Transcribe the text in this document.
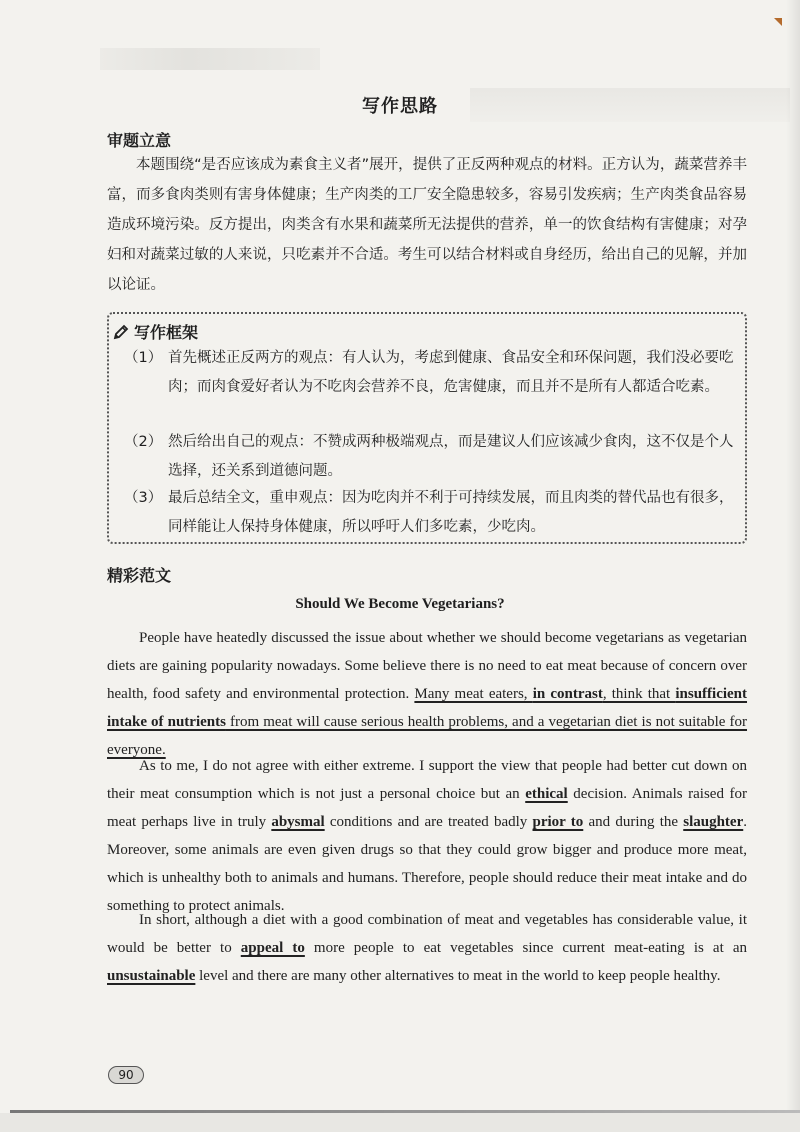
写作思路
审题立意
本题围绕“是否应该成为素食主义者”展开，提供了正反两种观点的材料。正方认为，蔬菜营养丰富，而多食肉类则有害身体健康；生产肉类的工厂安全隐患较多，容易引发疾病；生产肉类食品容易造成环境污染。反方提出，肉类含有水果和蔬菜所无法提供的营养，单一的饮食结构有害健康；对孕妇和对蔬菜过敏的人来说，只吃素并不合适。考生可以结合材料或自身经历，给出自己的见解，并加以论证。
写作框架
（1） 首先概述正反两方的观点：有人认为，考虑到健康、食品安全和环保问题，我们没必要吃肉；而肉食爱好者认为不吃肉会营养不良，危害健康，而且并不是所有人都适合吃素。
（2） 然后给出自己的观点：不赞成两种极端观点，而是建议人们应该减少食肉，这不仅是个人选择，还关系到道德问题。
（3） 最后总结全文，重申观点：因为吃肉并不利于可持续发展，而且肉类的替代品也有很多，同样能让人保持身体健康，所以呼吁人们多吃素，少吃肉。
精彩范文
Should We Become Vegetarians?
People have heatedly discussed the issue about whether we should become vegetarians as vegetarian diets are gaining popularity nowadays. Some believe there is no need to eat meat because of concern over health, food safety and environmental protection. Many meat eaters, in contrast, think that insufficient intake of nutrients from meat will cause serious health problems, and a vegetarian diet is not suitable for everyone.
As to me, I do not agree with either extreme. I support the view that people had better cut down on their meat consumption which is not just a personal choice but an ethical decision. Animals raised for meat perhaps live in truly abysmal conditions and are treated badly prior to and during the slaughter. Moreover, some animals are even given drugs so that they could grow bigger and produce more meat, which is unhealthy both to animals and humans. Therefore, people should reduce their meat intake and do something to protect animals.
In short, although a diet with a good combination of meat and vegetables has considerable value, it would be better to appeal to more people to eat vegetables since current meat-eating is at an unsustainable level and there are many other alternatives to meat in the world to keep people healthy.
90
